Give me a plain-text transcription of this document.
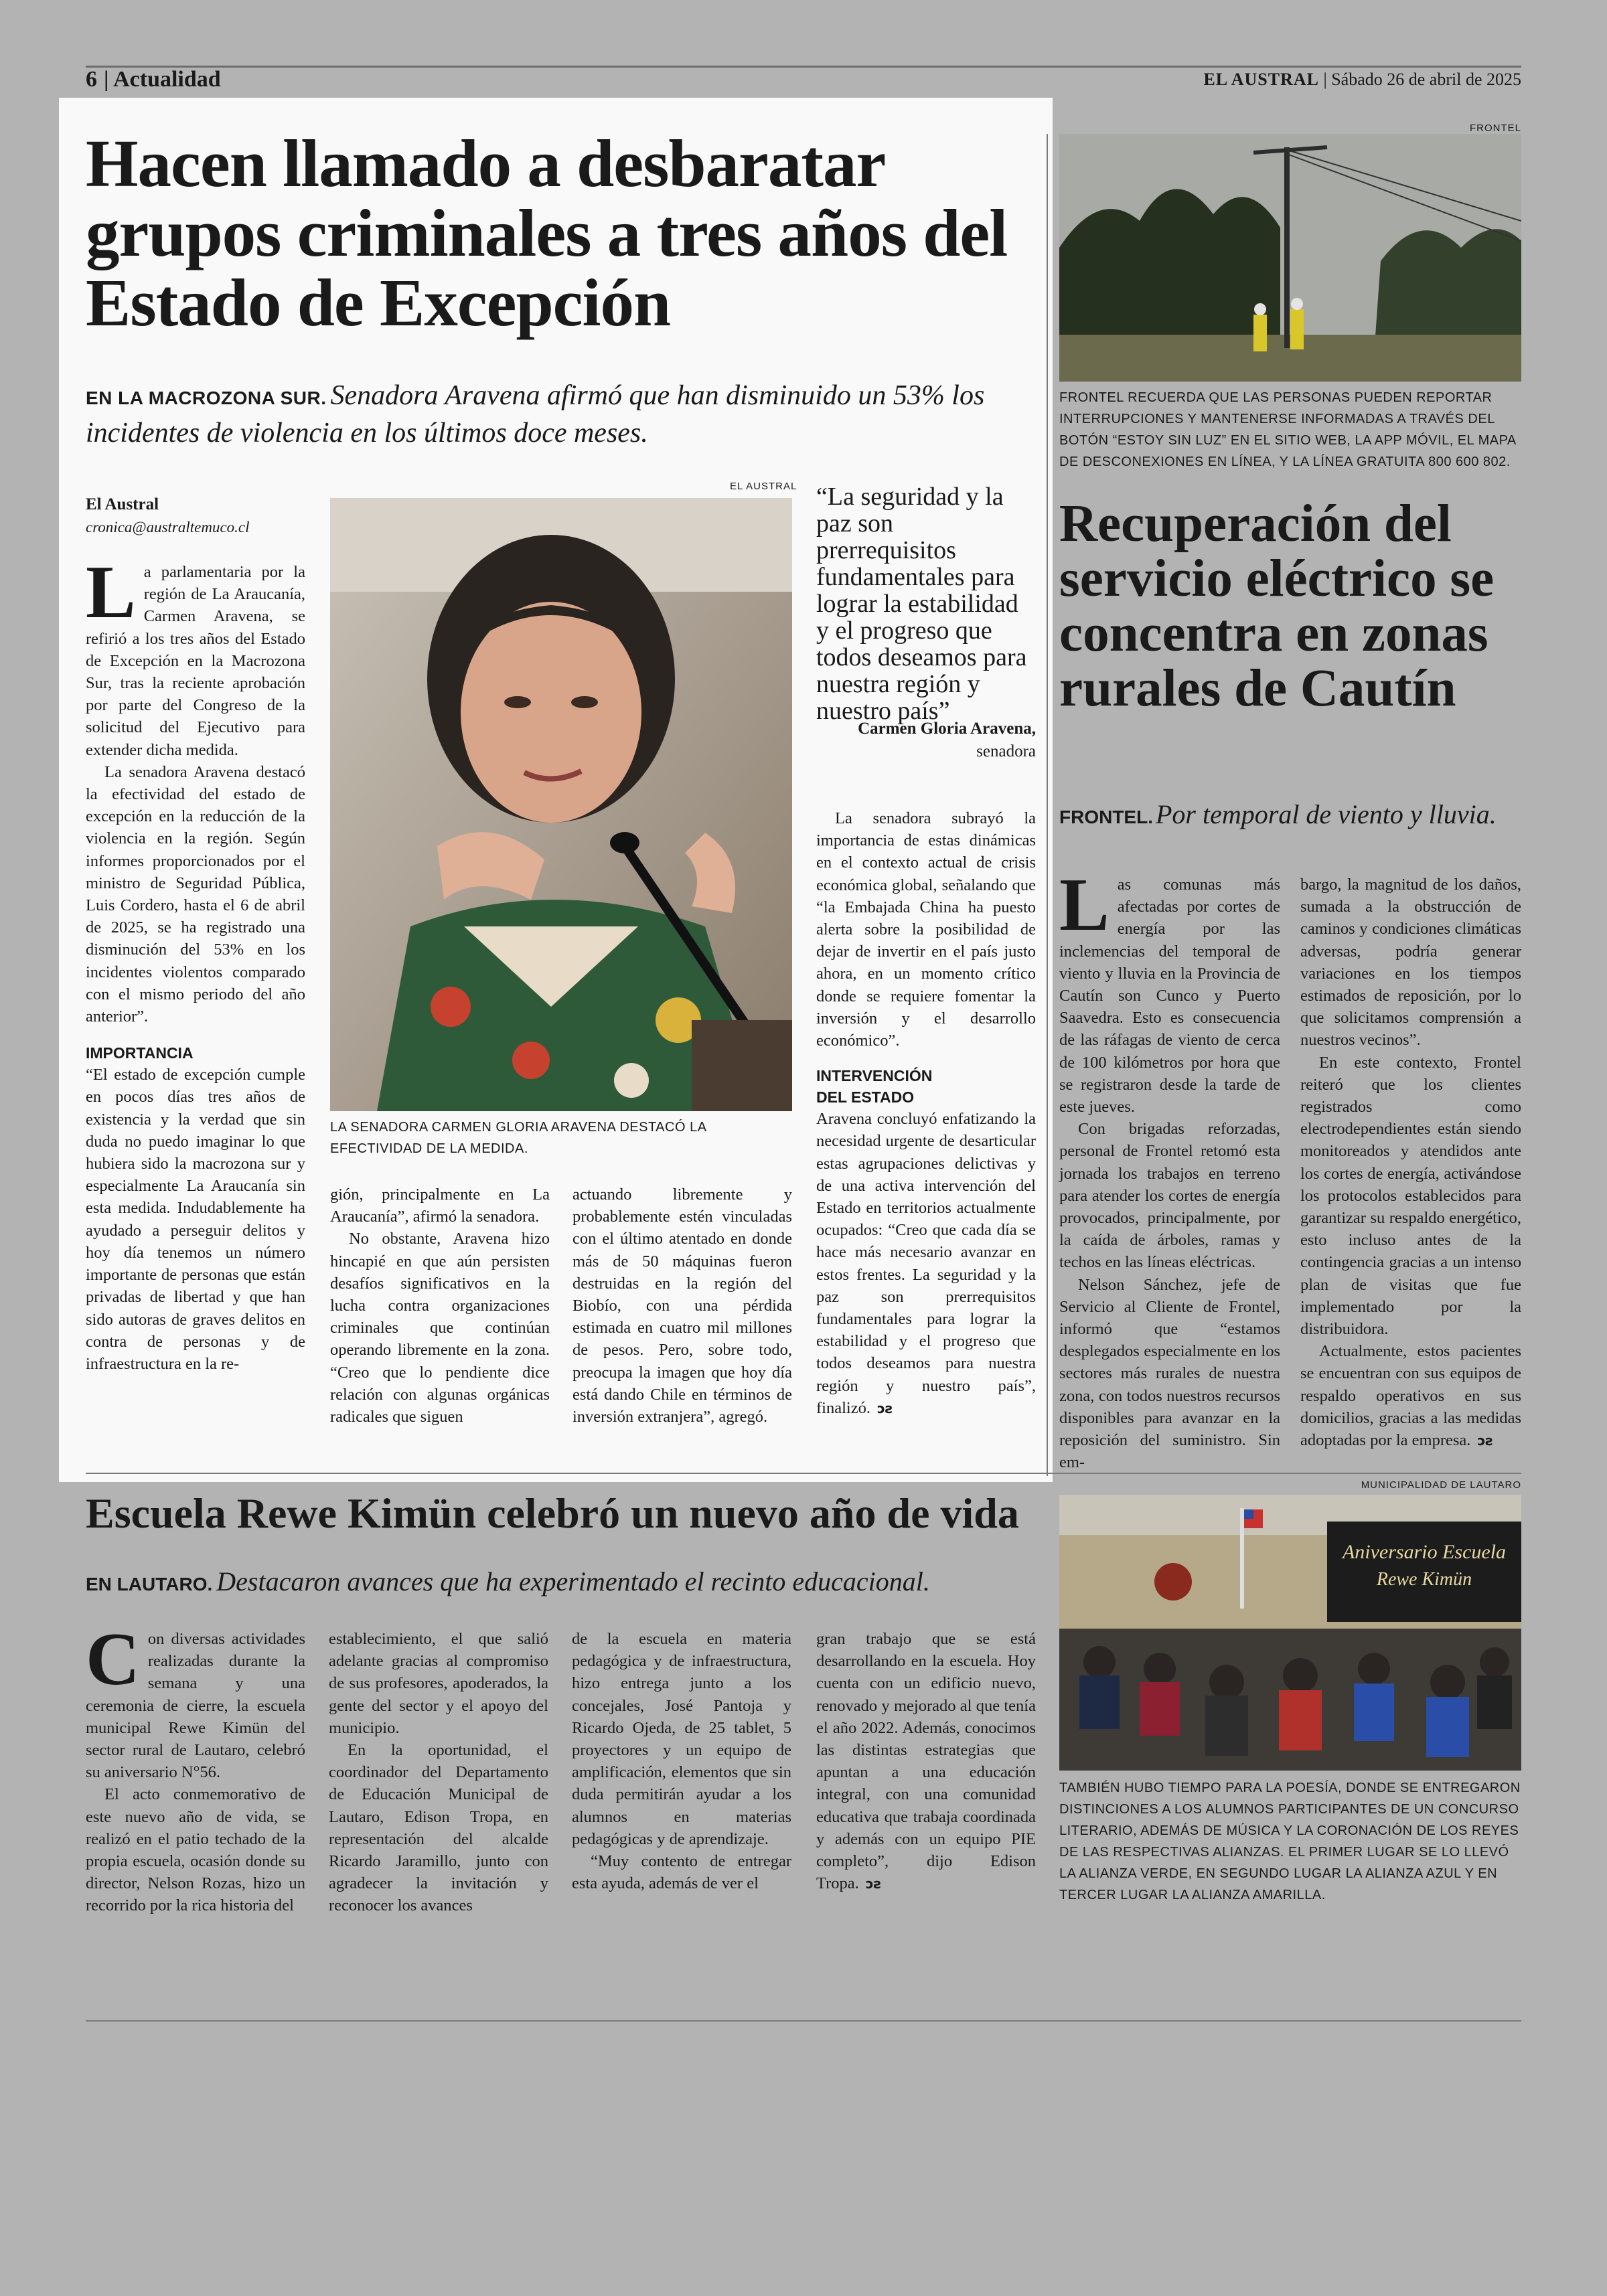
6 | Actualidad	EL AUSTRAL | Sábado 26 de abril de 2025
Hacen llamado a desbaratar grupos criminales a tres años del Estado de Excepción
EN LA MACROZONA SUR. Senadora Aravena afirmó que han disminuido un 53% los incidentes de violencia en los últimos doce meses.
El Austral
cronica@australtemuco.cl

La parlamentaria por la región de La Araucanía, Carmen Aravena, se refirió a los tres años del Estado de Excepción en la Macrozona Sur, tras la reciente aprobación por parte del Congreso de la solicitud del Ejecutivo para extender dicha medida.

La senadora Aravena destacó la efectividad del estado de excepción en la reducción de la violencia en la región. Según informes proporcionados por el ministro de Seguridad Pública, Luis Cordero, hasta el 6 de abril de 2025, se ha registrado una disminución del 53% en los incidentes violentos comparado con el mismo periodo del año anterior”.

IMPORTANCIA

“El estado de excepción cumple en pocos días tres años de existencia y la verdad que sin duda no puedo imaginar lo que hubiera sido la macrozona sur y especialmente La Araucanía sin esta medida. Indudablemente ha ayudado a perseguir delitos y hoy día tenemos un número importante de personas que están privadas de libertad y que han sido autoras de graves delitos en contra de personas y de infraestructura en la re-

EL AUSTRAL
LA SENADORA CARMEN GLORIA ARAVENA DESTACÓ LA EFECTIVIDAD DE LA MEDIDA.

gión, principalmente en La Araucanía”, afirmó la senadora.

No obstante, Aravena hizo hincapié en que aún persisten desafíos significativos en la lucha contra organizaciones criminales que continúan operando libremente en la zona. “Creo que lo pendiente dice relación con algunas orgánicas radicales que siguen

actuando libremente y probablemente estén vinculadas con el último atentado en donde más de 50 máquinas fueron destruidas en la región del Biobío, con una pérdida estimada en cuatro mil millones de pesos. Pero, sobre todo, preocupa la imagen que hoy día está dando Chile en términos de inversión extranjera”, agregó.

“La seguridad y la paz son prerrequisitos fundamentales para lograr la estabilidad y el progreso que todos deseamos para nuestra región y nuestro país”
Carmen Gloria Aravena,
senadora

La senadora subrayó la importancia de estas dinámicas en el contexto actual de crisis económica global, señalando que “la Embajada China ha puesto alerta sobre la posibilidad de dejar de invertir en el país justo ahora, en un momento crítico donde se requiere fomentar la inversión y el desarrollo económico”.

INTERVENCIÓN DEL ESTADO

Aravena concluyó enfatizando la necesidad urgente de desarticular estas agrupaciones delictivas y de una activa intervención del Estado en territorios actualmente ocupados: “Creo que cada día se hace más necesario avanzar en estos frentes. La seguridad y la paz son prerrequisitos fundamentales para lograr la estabilidad y el progreso que todos deseamos para nuestra región y nuestro país”, finalizó. ↄƨ

FRONTEL
FRONTEL RECUERDA QUE LAS PERSONAS PUEDEN REPORTAR INTERRUPCIONES Y MANTENERSE INFORMADAS A TRAVÉS DEL BOTÓN “ESTOY SIN LUZ” EN EL SITIO WEB, LA APP MÓVIL, EL MAPA DE DESCONEXIONES EN LÍNEA, Y LA LÍNEA GRATUITA 800 600 802.
Recuperación del servicio eléctrico se concentra en zonas rurales de Cautín
FRONTEL. Por temporal de viento y lluvia.

Las comunas más afectadas por cortes de energía por las inclemencias del temporal de viento y lluvia en la Provincia de Cautín son Cunco y Puerto Saavedra. Esto es consecuencia de las ráfagas de viento de cerca de 100 kilómetros por hora que se registraron desde la tarde de este jueves.

Con brigadas reforzadas, personal de Frontel retomó esta jornada los trabajos en terreno para atender los cortes de energía provocados, principalmente, por la caída de árboles, ramas y techos en las líneas eléctricas.

Nelson Sánchez, jefe de Servicio al Cliente de Frontel, informó que “estamos desplegados especialmente en los sectores más rurales de nuestra zona, con todos nuestros recursos disponibles para avanzar en la reposición del suministro. Sin em-

bargo, la magnitud de los daños, sumada a la obstrucción de caminos y condiciones climáticas adversas, podría generar variaciones en los tiempos estimados de reposición, por lo que solicitamos comprensión a nuestros vecinos”.

En este contexto, Frontel reiteró que los clientes registrados como electrodependientes están siendo monitoreados y atendidos ante los cortes de energía, activándose los protocolos establecidos para garantizar su respaldo energético, esto incluso antes de la contingencia gracias a un intenso plan de visitas que fue implementado por la distribuidora.

Actualmente, estos pacientes se encuentran con sus equipos de respaldo operativos en sus domicilios, gracias a las medidas adoptadas por la empresa. ↄƨ

Escuela Rewe Kimün celebró un nuevo año de vida
EN LAUTARO. Destacaron avances que ha experimentado el recinto educacional.

Con diversas actividades realizadas durante la semana y una ceremonia de cierre, la escuela municipal Rewe Kimün del sector rural de Lautaro, celebró su aniversario N°56.

El acto conmemorativo de este nuevo año de vida, se realizó en el patio techado de la propia escuela, ocasión donde su director, Nelson Rozas, hizo un recorrido por la rica historia del

establecimiento, el que salió adelante gracias al compromiso de sus profesores, apoderados, la gente del sector y el apoyo del municipio.

En la oportunidad, el coordinador del Departamento de Educación Municipal de Lautaro, Edison Tropa, en representación del alcalde Ricardo Jaramillo, junto con agradecer la invitación y reconocer los avances

de la escuela en materia pedagógica y de infraestructura, hizo entrega junto a los concejales, José Pantoja y Ricardo Ojeda, de 25 tablet, 5 proyectores y un equipo de amplificación, elementos que sin duda permitirán ayudar a los alumnos en materias pedagógicas y de aprendizaje.

“Muy contento de entregar esta ayuda, además de ver el

gran trabajo que se está desarrollando en la escuela. Hoy cuenta con un edificio nuevo, renovado y mejorado al que tenía el año 2022. Además, conocimos las distintas estrategias que apuntan a una educación integral, con una comunidad educativa que trabaja coordinada y además con un equipo PIE completo”, dijo Edison Tropa. ↄƨ

MUNICIPALIDAD DE LAUTARO
Aniversario Escuela
Rewe Kimün
TAMBIÉN HUBO TIEMPO PARA LA POESÍA, DONDE SE ENTREGARON DISTINCIONES A LOS ALUMNOS PARTICIPANTES DE UN CONCURSO LITERARIO, ADEMÁS DE MÚSICA Y LA CORONACIÓN DE LOS REYES DE LAS RESPECTIVAS ALIANZAS. EL PRIMER LUGAR SE LO LLEVÓ LA ALIANZA VERDE, EN SEGUNDO LUGAR LA ALIANZA AZUL Y EN TERCER LUGAR LA ALIANZA AMARILLA.
